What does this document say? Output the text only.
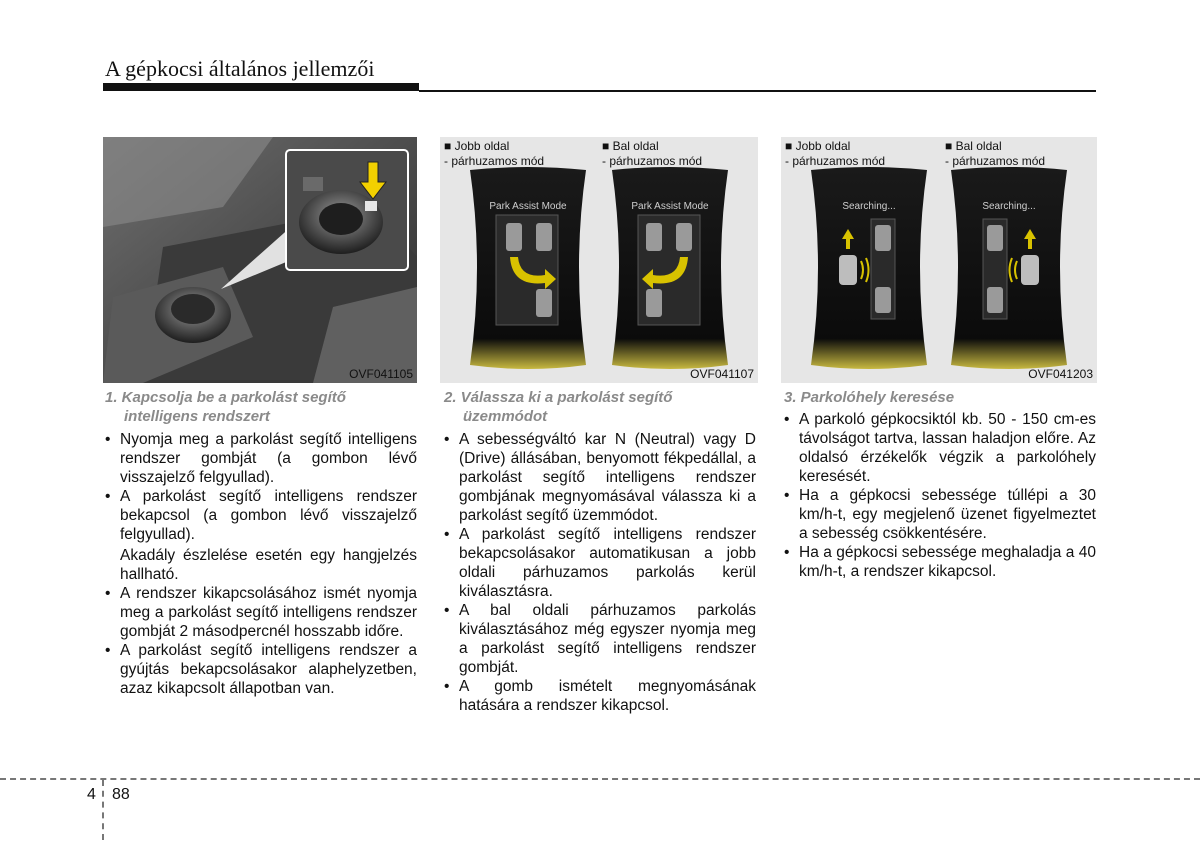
A gépkocsi általános jellemzői
OVF041105
■ Jobb oldal
- párhuzamos mód
■ Bal oldal
- párhuzamos mód
Park Assist Mode	Park Assist Mode
OVF041107
■ Jobb oldal
- párhuzamos mód
■ Bal oldal
- párhuzamos mód
Searching...	Searching...
OVF041203
1. Kapcsolja be a parkolást segítő
intelligens rendszert
• Nyomja meg a parkolást segítő intelligens rendszer gombját (a gombon lévő visszajelző felgyullad).
• A parkolást segítő intelligens rendszer bekapcsol (a gombon lévő visszajelző felgyullad).
Akadály észlelése esetén egy hangjelzés hallható.
• A rendszer kikapcsolásához ismét nyomja meg a parkolást segítő intelligens rendszer gombját 2 másodpercnél hosszabb időre.
• A parkolást segítő intelligens rendszer a gyújtás bekapcsolásakor alaphelyzetben, azaz kikapcsolt állapotban van.
2. Válassza ki a parkolást segítő
üzemmódot
• A sebességváltó kar N (Neutral) vagy D (Drive) állásában, benyomott fékpedállal, a parkolást segítő intelligens rendszer gombjának megnyomásával válassza ki a parkolást segítő üzemmódot.
• A parkolást segítő intelligens rendszer bekapcsolásakor automatikusan a jobb oldali párhuzamos parkolás kerül kiválasztásra.
• A bal oldali párhuzamos parkolás kiválasztásához még egyszer nyomja meg a parkolást segítő intelligens rendszer gombját.
• A gomb ismételt megnyomásának hatására a rendszer kikapcsol.
3. Parkolóhely keresése
• A parkoló gépkocsiktól kb. 50 - 150 cm-es távolságot tartva, lassan haladjon előre. Az oldalsó érzékelők végzik a parkolóhely keresését.
• Ha a gépkocsi sebessége túllépi a 30 km/h-t, egy megjelenő üzenet figyelmeztet a sebesség csökkentésére.
• Ha a gépkocsi sebessége meghaladja a 40 km/h-t, a rendszer kikapcsol.
4 88
